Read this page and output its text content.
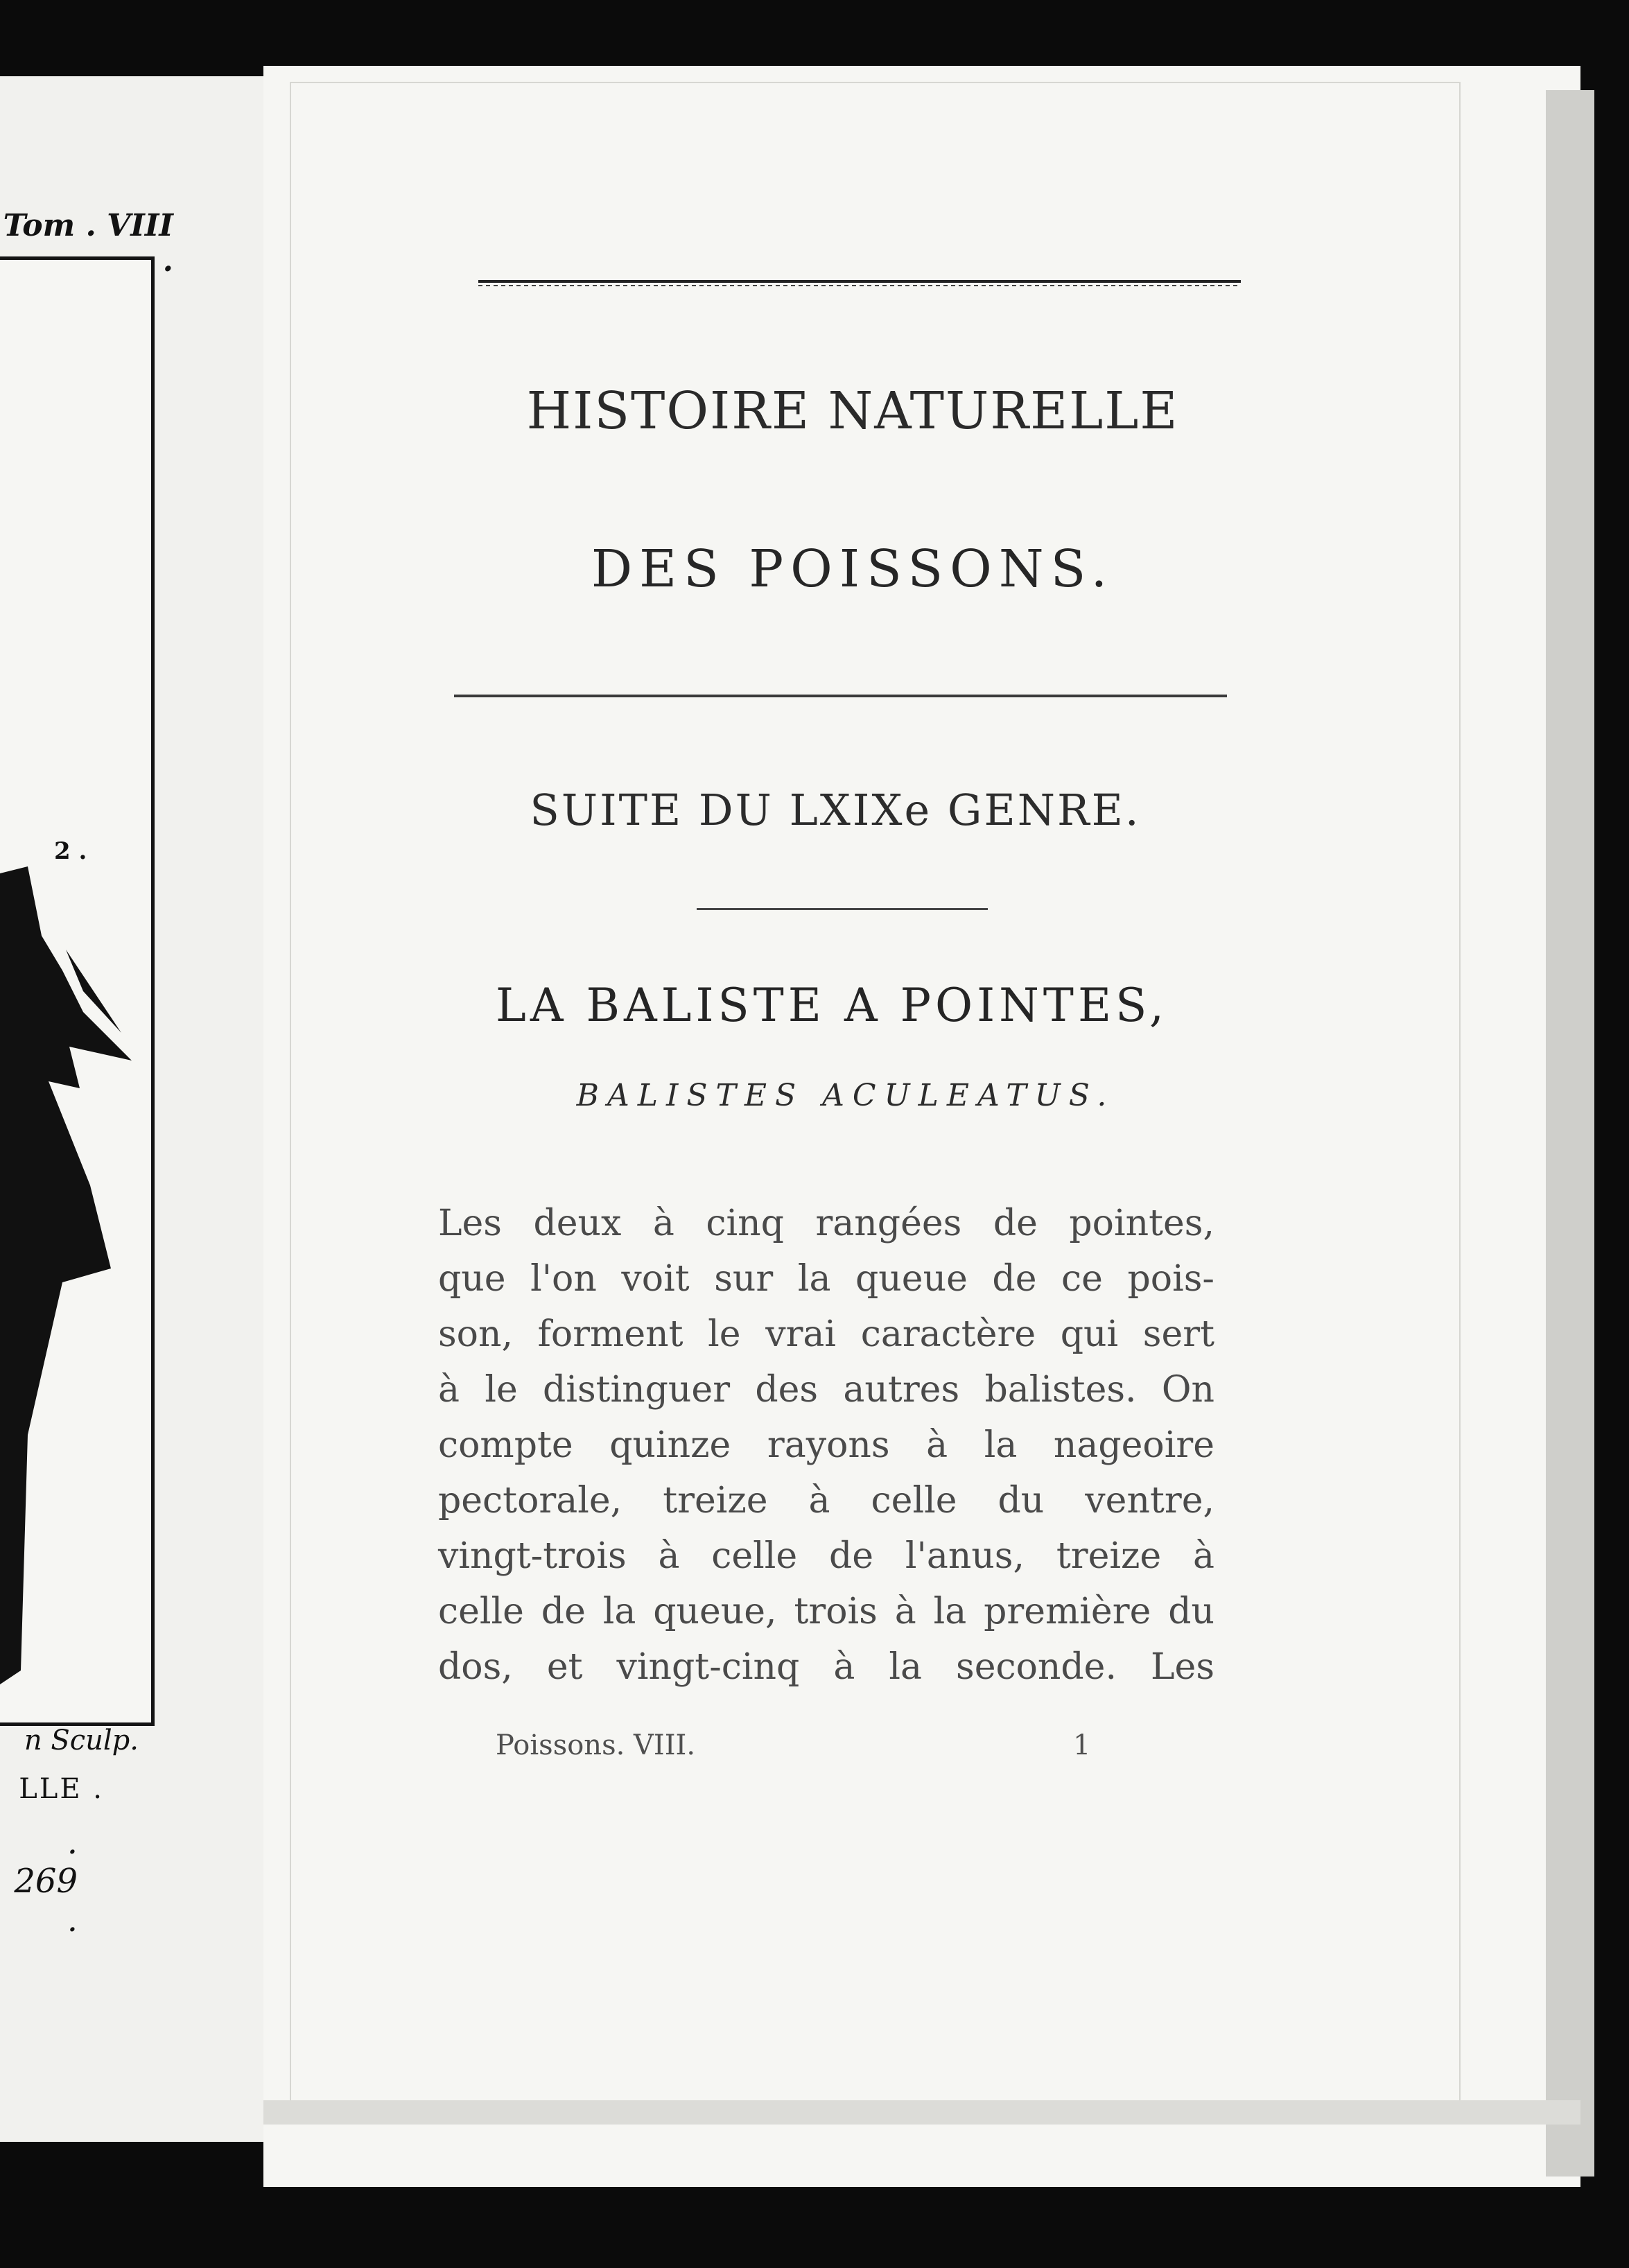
Tom . VIII .
2 .
n Sculp.
LLE .
. 269 .
HISTOIRE NATURELLE
DES POISSONS.
SUITE DU LXIXe GENRE.
LA BALISTE A POINTES,
BALISTES ACULEATUS.
Les deux à cinq rangées de pointes,
que l'on voit sur la queue de ce pois-
son, forment le vrai caractère qui sert
à le distinguer des autres balistes. On
compte quinze rayons à la nageoire
pectorale, treize à celle du ventre,
vingt-trois à celle de l'anus, treize à
celle de la queue, trois à la première du
dos, et vingt-cinq à la seconde. Les
Poissons. VIII.	1
